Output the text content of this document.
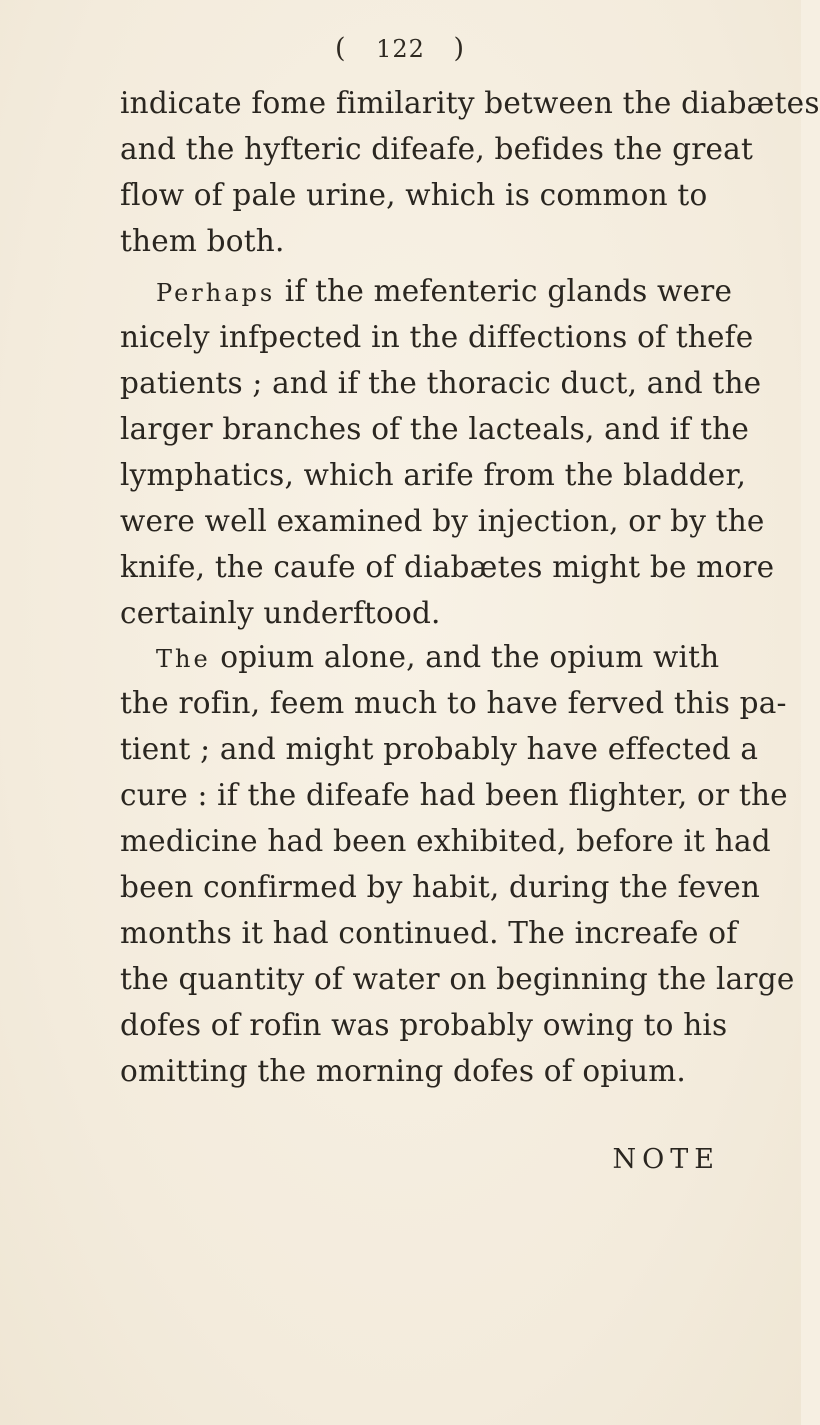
( 122 )
indicate fome fimilarity between the diabætes
and the hyfteric difeafe, befides the great
flow of pale urine, which is common to
them both.
Perhaps if the mefenteric glands were
nicely infpected in the diffections of thefe
patients ; and if the thoracic duct, and the
larger branches of the lacteals, and if the
lymphatics, which arife from the bladder,
were well examined by injection, or by the
knife, the caufe of diabætes might be more
certainly underftood.
The opium alone, and the opium with
the rofin, feem much to have ferved this pa-
tient ; and might probably have effected a
cure : if the difeafe had been flighter, or the
medicine had been exhibited, before it had
been confirmed by habit, during the feven
months it had continued. The increafe of
the quantity of water on beginning the large
dofes of rofin was probably owing to his
omitting the morning dofes of opium.
NOTE
